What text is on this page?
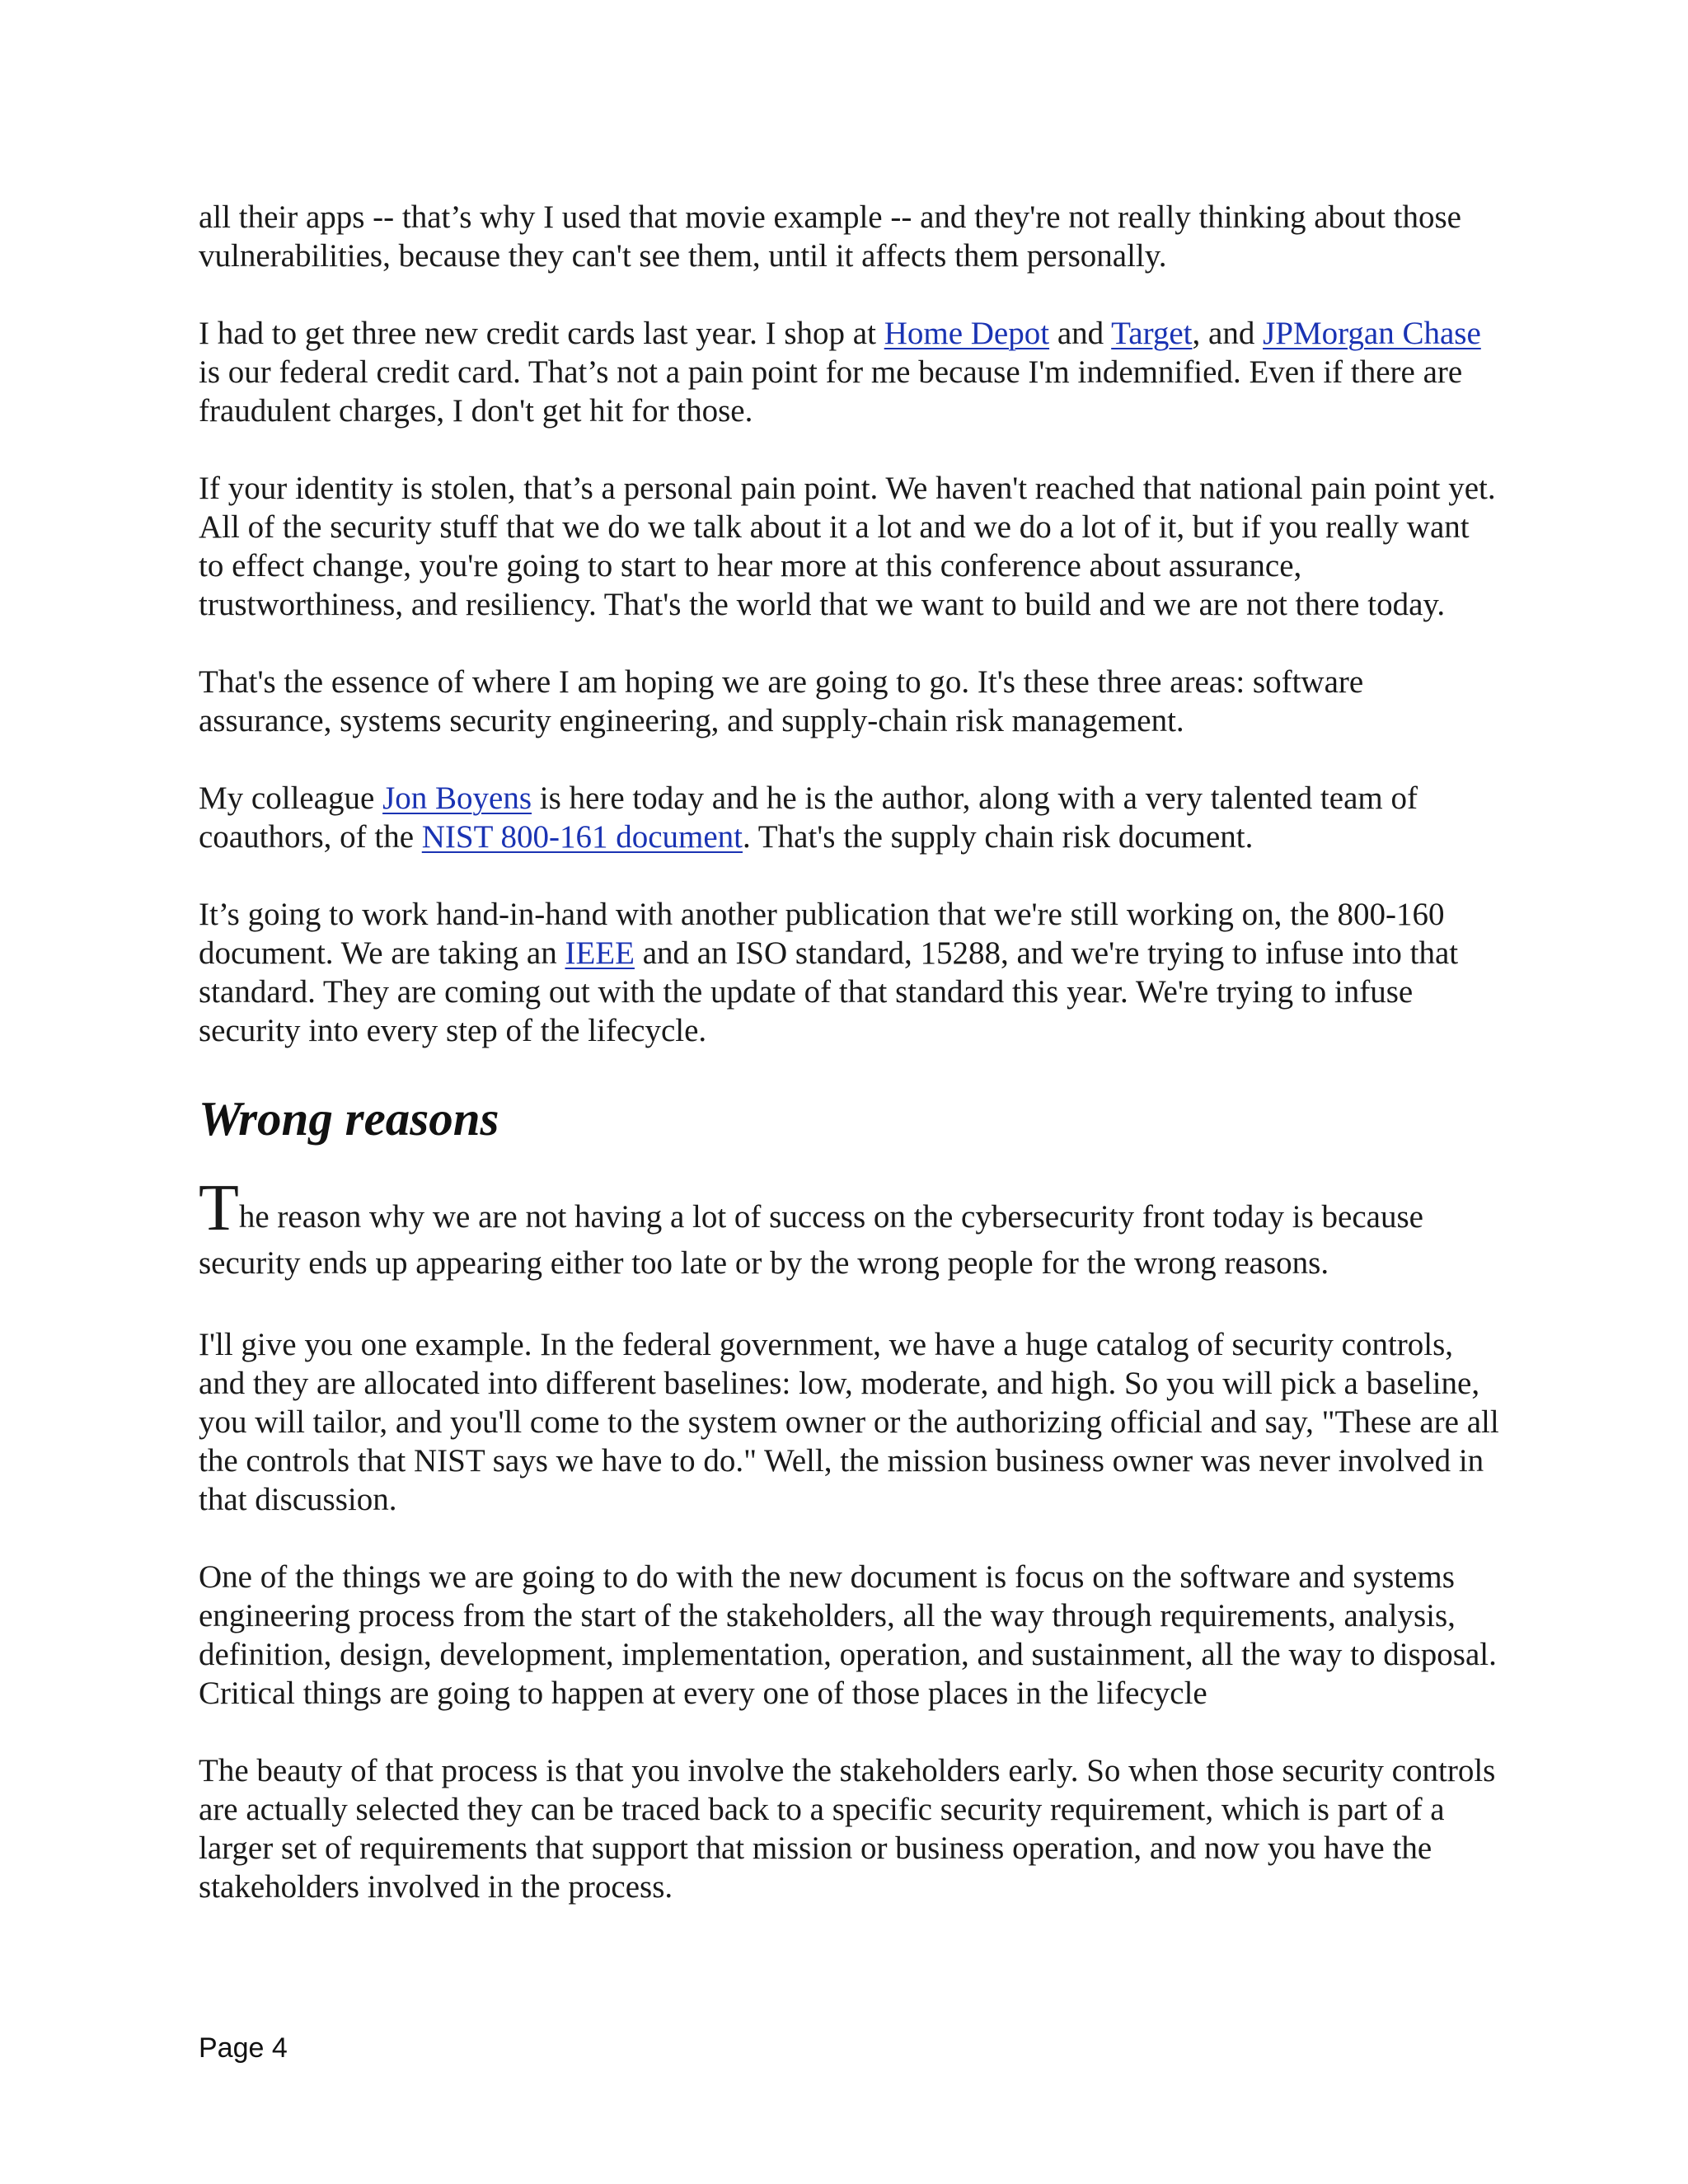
all their apps -- that’s why I used that movie example -- and they're not really thinking about those vulnerabilities, because they can't see them, until it affects them personally.

I had to get three new credit cards last year. I shop at Home Depot and Target, and JPMorgan Chase is our federal credit card. That’s not a pain point for me because I'm indemnified. Even if there are fraudulent charges, I don't get hit for those.

If your identity is stolen, that’s a personal pain point. We haven't reached that national pain point yet. All of the security stuff that we do we talk about it a lot and we do a lot of it, but if you really want to effect change, you're going to start to hear more at this conference about assurance, trustworthiness, and resiliency. That's the world that we want to build and we are not there today.

That's the essence of where I am hoping we are going to go. It's these three areas: software assurance, systems security engineering, and supply-chain risk management.

My colleague Jon Boyens is here today and he is the author, along with a very talented team of coauthors, of the NIST 800-161 document. That's the supply chain risk document.

It’s going to work hand-in-hand with another publication that we're still working on, the 800-160 document. We are taking an IEEE and an ISO standard, 15288, and we're trying to infuse into that standard. They are coming out with the update of that standard this year. We're trying to infuse security into every step of the lifecycle.

Wrong reasons

The reason why we are not having a lot of success on the cybersecurity front today is because security ends up appearing either too late or by the wrong people for the wrong reasons.

I'll give you one example. In the federal government, we have a huge catalog of security controls, and they are allocated into different baselines: low, moderate, and high. So you will pick a baseline, you will tailor, and you'll come to the system owner or the authorizing official and say, "These are all the controls that NIST says we have to do." Well, the mission business owner was never involved in that discussion.

One of the things we are going to do with the new document is focus on the software and systems engineering process from the start of the stakeholders, all the way through requirements, analysis, definition, design, development, implementation, operation, and sustainment, all the way to disposal. Critical things are going to happen at every one of those places in the lifecycle

The beauty of that process is that you involve the stakeholders early. So when those security controls are actually selected they can be traced back to a specific security requirement, which is part of a larger set of requirements that support that mission or business operation, and now you have the stakeholders involved in the process.

Page 4
